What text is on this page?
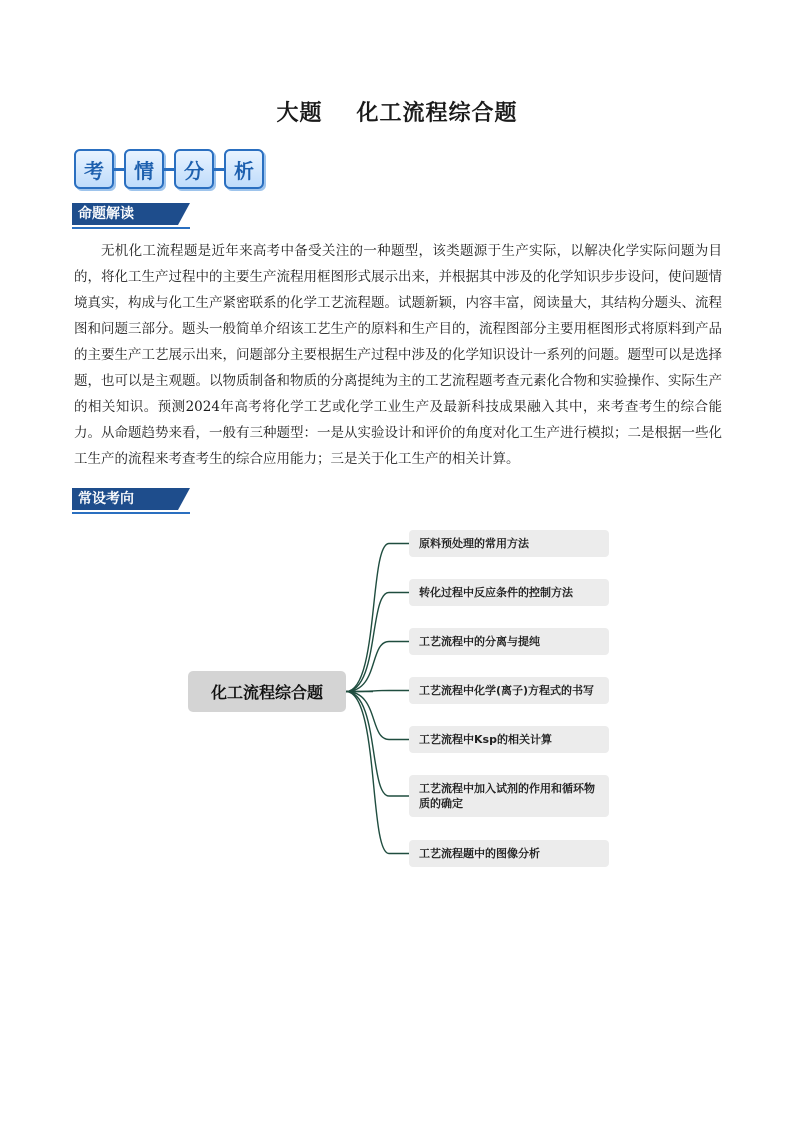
大题 化工流程综合题
考	情	分	析
命题解读

无机化工流程题是近年来高考中备受关注的一种题型，该类题源于生产实际，以解决化学实际问题为目的，将化工生产过程中的主要生产流程用框图形式展示出来，并根据其中涉及的化学知识步步设问，使问题情境真实，构成与化工生产紧密联系的化学工艺流程题。试题新颖，内容丰富，阅读量大，其结构分题头、流程图和问题三部分。题头一般简单介绍该工艺生产的原料和生产目的，流程图部分主要用框图形式将原料到产品的主要生产工艺展示出来，问题部分主要根据生产过程中涉及的化学知识设计一系列的问题。题型可以是选择题，也可以是主观题。以物质制备和物质的分离提纯为主的工艺流程题考查元素化合物和实验操作、实际生产的相关知识。预测2024年高考将化学工艺或化学工业生产及最新科技成果融入其中，来考查考生的综合能力。从命题趋势来看，一般有三种题型：一是从实验设计和评价的角度对化工生产进行模拟；二是根据一些化工生产的流程来考查考生的综合应用能力；三是关于化工生产的相关计算。

常设考向
化工流程综合题
原料预处理的常用方法
转化过程中反应条件的控制方法
工艺流程中的分离与提纯
工艺流程中化学(离子)方程式的书写
工艺流程中Ksp的相关计算
工艺流程中加入试剂的作用和循环物质的确定
工艺流程题中的图像分析
